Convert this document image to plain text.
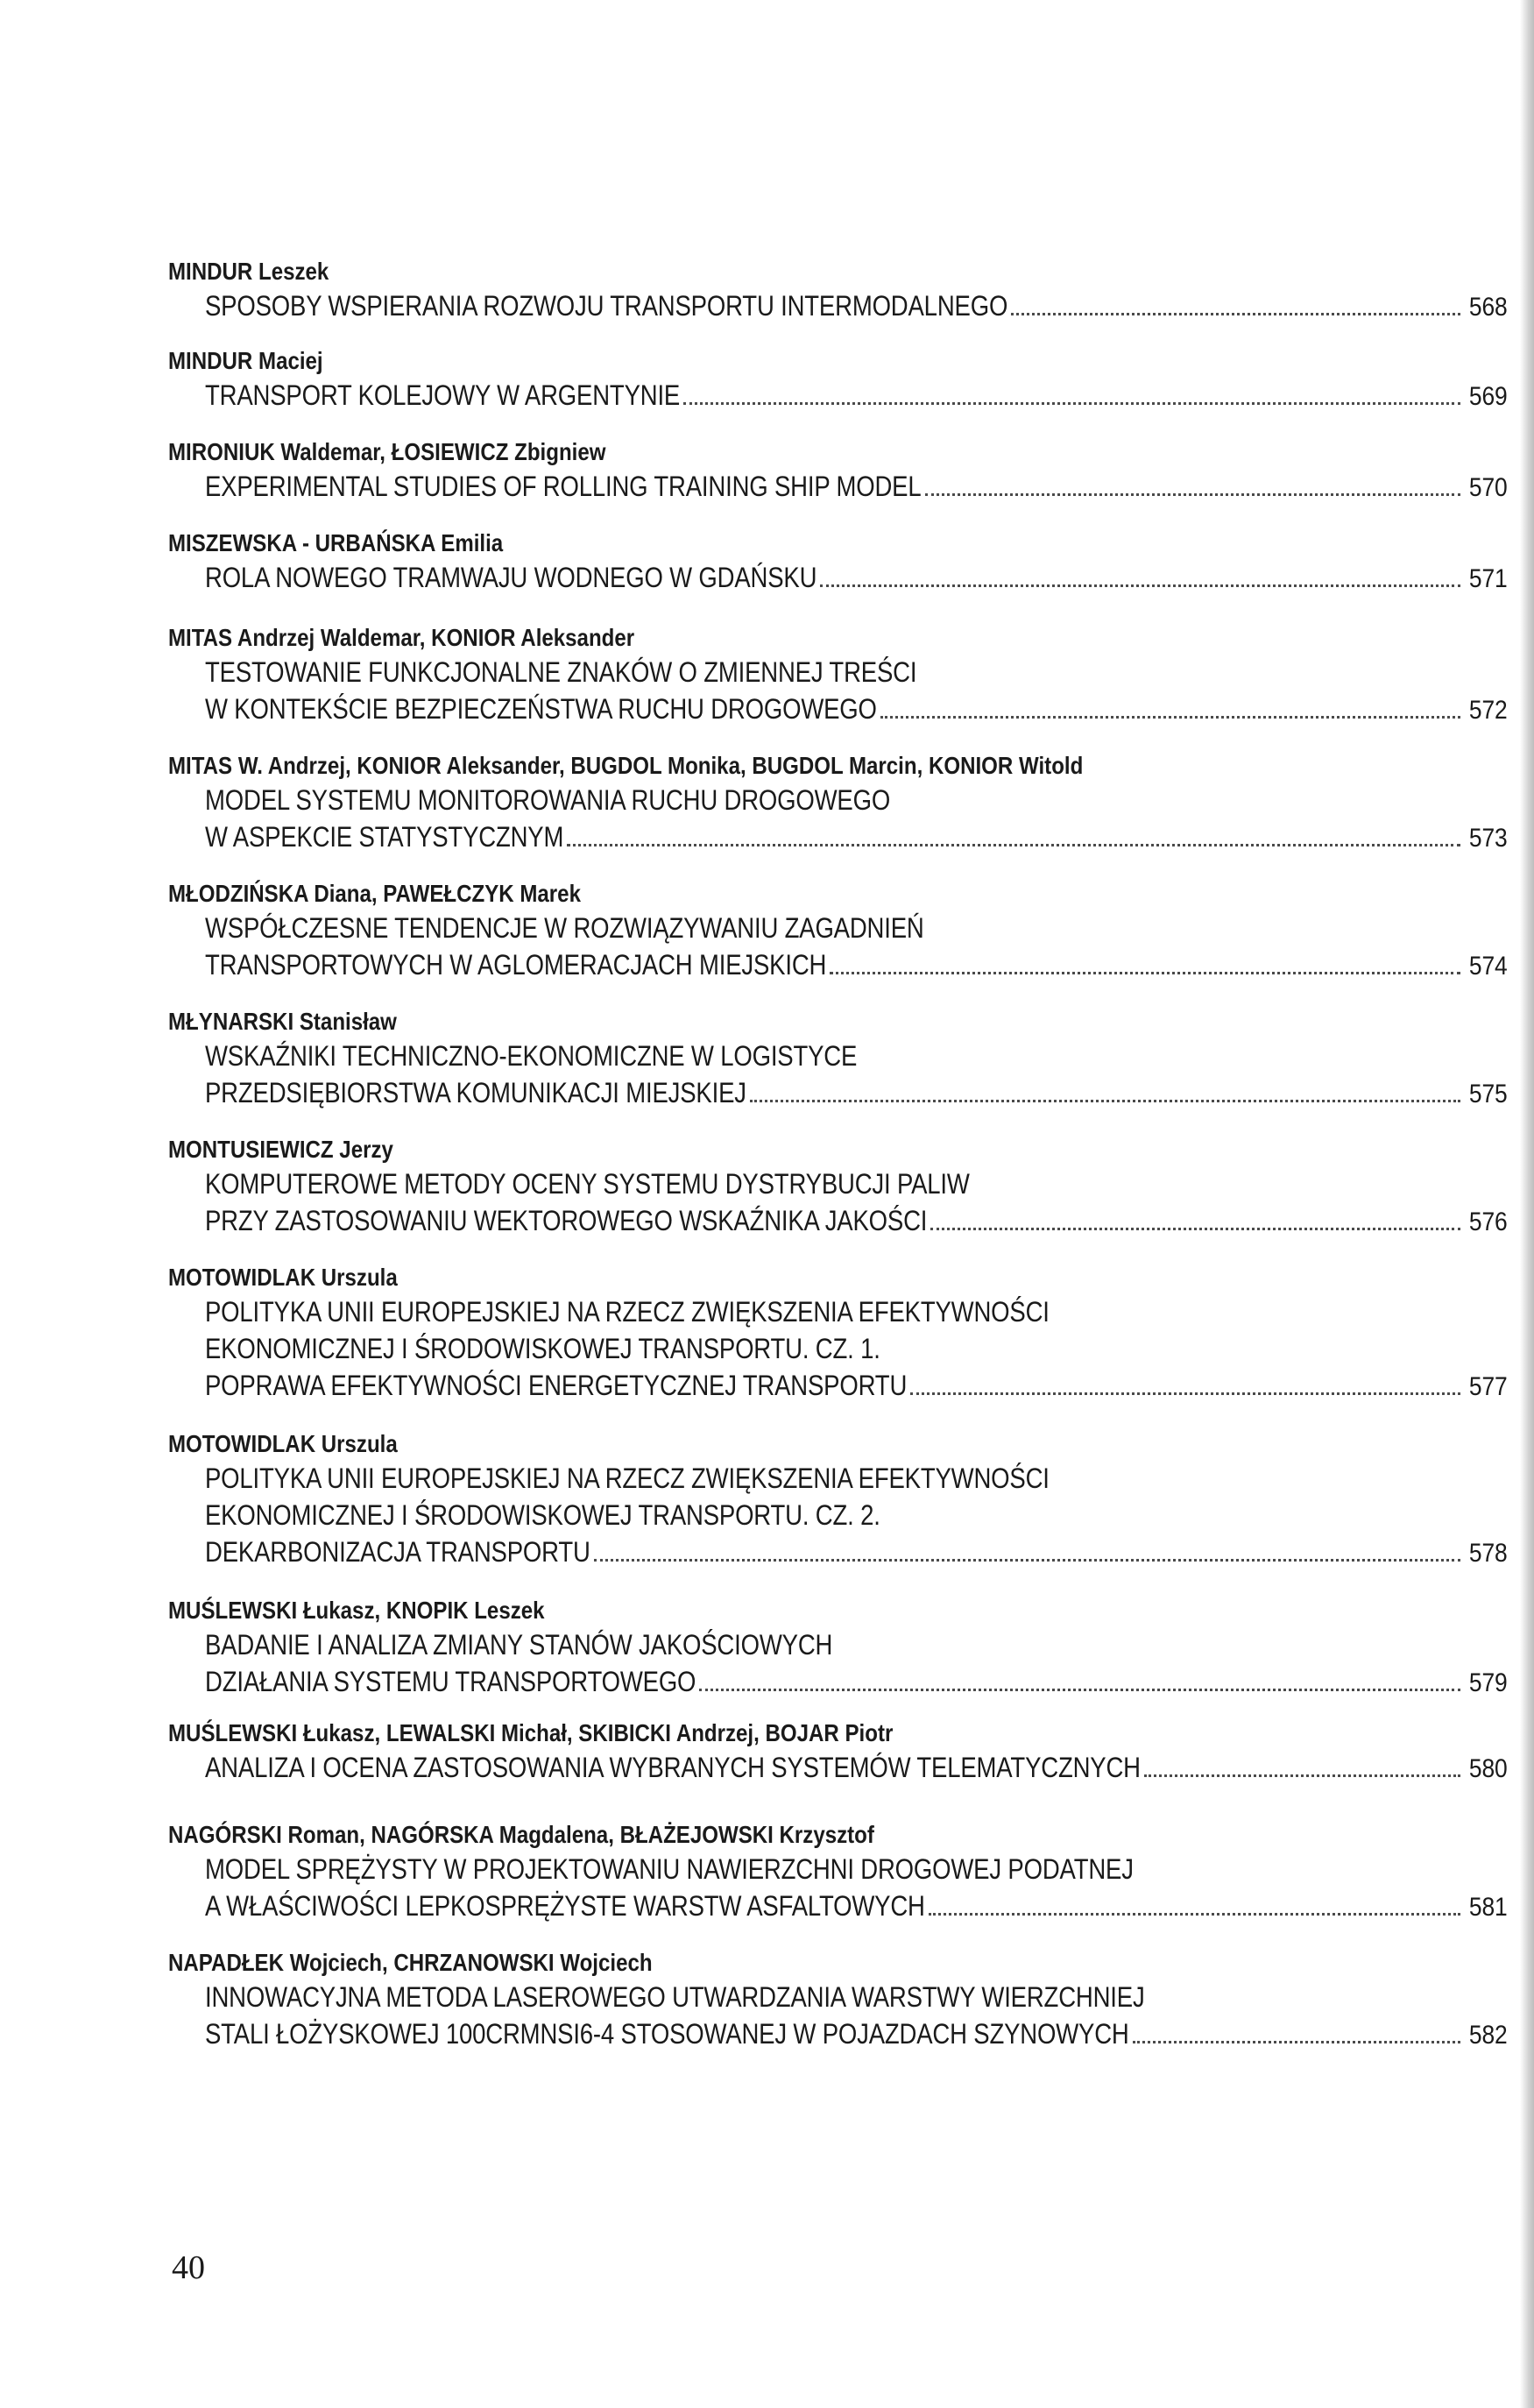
MINDUR Leszek
SPOSOBY WSPIERANIA ROZWOJU TRANSPORTU INTERMODALNEGO	568
MINDUR Maciej
TRANSPORT KOLEJOWY W ARGENTYNIE	569
MIRONIUK Waldemar, ŁOSIEWICZ Zbigniew
EXPERIMENTAL STUDIES OF ROLLING TRAINING SHIP MODEL	570
MISZEWSKA - URBAŃSKA Emilia
ROLA NOWEGO TRAMWAJU WODNEGO W GDAŃSKU	571
MITAS Andrzej Waldemar, KONIOR Aleksander
TESTOWANIE FUNKCJONALNE ZNAKÓW O ZMIENNEJ TREŚCI
W KONTEKŚCIE BEZPIECZEŃSTWA RUCHU DROGOWEGO	572
MITAS W. Andrzej, KONIOR Aleksander, BUGDOL Monika, BUGDOL Marcin, KONIOR Witold
MODEL SYSTEMU MONITOROWANIA RUCHU DROGOWEGO
W ASPEKCIE STATYSTYCZNYM	573
MŁODZIŃSKA Diana, PAWEŁCZYK Marek
WSPÓŁCZESNE TENDENCJE W ROZWIĄZYWANIU ZAGADNIEŃ
TRANSPORTOWYCH W AGLOMERACJACH MIEJSKICH	574
MŁYNARSKI Stanisław
WSKAŹNIKI TECHNICZNO-EKONOMICZNE W LOGISTYCE
PRZEDSIĘBIORSTWA KOMUNIKACJI MIEJSKIEJ	575
MONTUSIEWICZ Jerzy
KOMPUTEROWE METODY OCENY SYSTEMU DYSTRYBUCJI PALIW
PRZY ZASTOSOWANIU WEKTOROWEGO WSKAŹNIKA JAKOŚCI	576
MOTOWIDLAK Urszula
POLITYKA UNII EUROPEJSKIEJ NA RZECZ ZWIĘKSZENIA EFEKTYWNOŚCI
EKONOMICZNEJ I ŚRODOWISKOWEJ TRANSPORTU. CZ. 1.
POPRAWA EFEKTYWNOŚCI ENERGETYCZNEJ TRANSPORTU	577
MOTOWIDLAK Urszula
POLITYKA UNII EUROPEJSKIEJ NA RZECZ ZWIĘKSZENIA EFEKTYWNOŚCI
EKONOMICZNEJ I ŚRODOWISKOWEJ TRANSPORTU. CZ. 2.
DEKARBONIZACJA TRANSPORTU	578
MUŚLEWSKI Łukasz, KNOPIK Leszek
BADANIE I ANALIZA ZMIANY STANÓW JAKOŚCIOWYCH
DZIAŁANIA SYSTEMU TRANSPORTOWEGO	579
MUŚLEWSKI Łukasz, LEWALSKI Michał, SKIBICKI Andrzej, BOJAR Piotr
ANALIZA I OCENA ZASTOSOWANIA WYBRANYCH SYSTEMÓW TELEMATYCZNYCH	580
NAGÓRSKI Roman, NAGÓRSKA Magdalena, BŁAŻEJOWSKI Krzysztof
MODEL SPRĘŻYSTY W PROJEKTOWANIU NAWIERZCHNI DROGOWEJ PODATNEJ
A WŁAŚCIWOŚCI LEPKOSPRĘŻYSTE WARSTW ASFALTOWYCH	581
NAPADŁEK Wojciech, CHRZANOWSKI Wojciech
INNOWACYJNA METODA LASEROWEGO UTWARDZANIA WARSTWY WIERZCHNIEJ
STALI ŁOŻYSKOWEJ 100CRMNSI6-4 STOSOWANEJ W POJAZDACH SZYNOWYCH	582
40
